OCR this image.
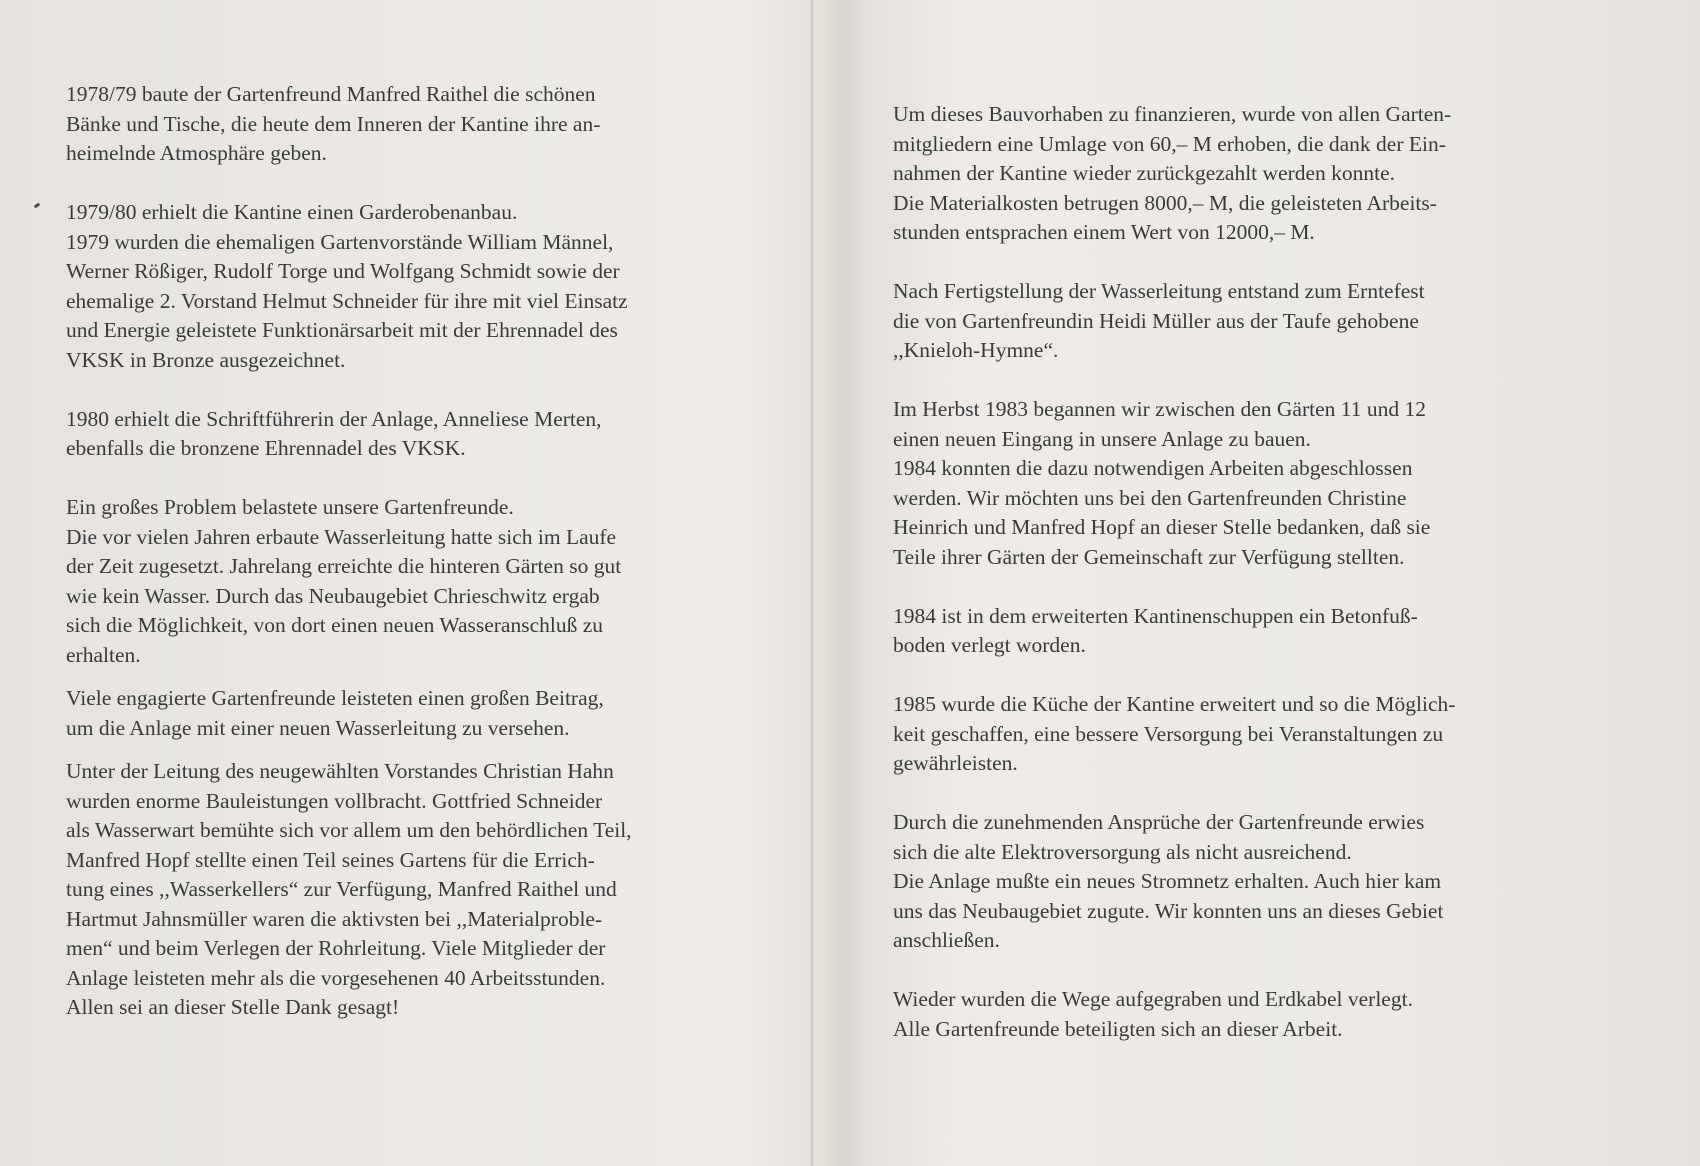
1978/79 baute der Gartenfreund Manfred Raithel die schönen
Bänke und Tische, die heute dem Inneren der Kantine ihre an-
heimelnde Atmosphäre geben.

1979/80 erhielt die Kantine einen Garderobenanbau.
1979 wurden die ehemaligen Gartenvorstände William Männel,
Werner Rößiger, Rudolf Torge und Wolfgang Schmidt sowie der
ehemalige 2. Vorstand Helmut Schneider für ihre mit viel Einsatz
und Energie geleistete Funktionärsarbeit mit der Ehrennadel des
VKSK in Bronze ausgezeichnet.

1980 erhielt die Schriftführerin der Anlage, Anneliese Merten,
ebenfalls die bronzene Ehrennadel des VKSK.

Ein großes Problem belastete unsere Gartenfreunde.
Die vor vielen Jahren erbaute Wasserleitung hatte sich im Laufe
der Zeit zugesetzt. Jahrelang erreichte die hinteren Gärten so gut
wie kein Wasser. Durch das Neubaugebiet Chrieschwitz ergab
sich die Möglichkeit, von dort einen neuen Wasseranschluß zu
erhalten.

Viele engagierte Gartenfreunde leisteten einen großen Beitrag,
um die Anlage mit einer neuen Wasserleitung zu versehen.

Unter der Leitung des neugewählten Vorstandes Christian Hahn
wurden enorme Bauleistungen vollbracht. Gottfried Schneider
als Wasserwart bemühte sich vor allem um den behördlichen Teil,
Manfred Hopf stellte einen Teil seines Gartens für die Errich-
tung eines ,,Wasserkellers“ zur Verfügung, Manfred Raithel und
Hartmut Jahnsmüller waren die aktivsten bei ,,Materialproble-
men“ und beim Verlegen der Rohrleitung. Viele Mitglieder der
Anlage leisteten mehr als die vorgesehenen 40 Arbeitsstunden.
Allen sei an dieser Stelle Dank gesagt!

Um dieses Bauvorhaben zu finanzieren, wurde von allen Garten-
mitgliedern eine Umlage von 60,– M erhoben, die dank der Ein-
nahmen der Kantine wieder zurückgezahlt werden konnte.
Die Materialkosten betrugen 8000,– M, die geleisteten Arbeits-
stunden entsprachen einem Wert von 12000,– M.

Nach Fertigstellung der Wasserleitung entstand zum Erntefest
die von Gartenfreundin Heidi Müller aus der Taufe gehobene
,,Knieloh-Hymne“.

Im Herbst 1983 begannen wir zwischen den Gärten 11 und 12
einen neuen Eingang in unsere Anlage zu bauen.
1984 konnten die dazu notwendigen Arbeiten abgeschlossen
werden. Wir möchten uns bei den Gartenfreunden Christine
Heinrich und Manfred Hopf an dieser Stelle bedanken, daß sie
Teile ihrer Gärten der Gemeinschaft zur Verfügung stellten.

1984 ist in dem erweiterten Kantinenschuppen ein Betonfuß-
boden verlegt worden.

1985 wurde die Küche der Kantine erweitert und so die Möglich-
keit geschaffen, eine bessere Versorgung bei Veranstaltungen zu
gewährleisten.

Durch die zunehmenden Ansprüche der Gartenfreunde erwies
sich die alte Elektroversorgung als nicht ausreichend.
Die Anlage mußte ein neues Stromnetz erhalten. Auch hier kam
uns das Neubaugebiet zugute. Wir konnten uns an dieses Gebiet
anschließen.

Wieder wurden die Wege aufgegraben und Erdkabel verlegt.
Alle Gartenfreunde beteiligten sich an dieser Arbeit.
